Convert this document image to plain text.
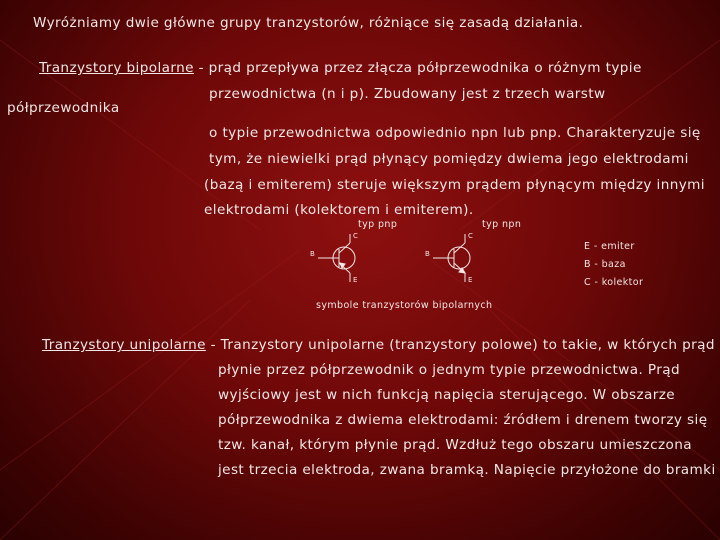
Wyróżniamy dwie główne grupy tranzystorów, różniące się zasadą działania.
Tranzystory bipolarne - prąd przepływa przez złącza półprzewodnika o różnym typie
przewodnictwa (n i p). Zbudowany jest z trzech warstw
półprzewodnika
o typie przewodnictwa odpowiednio npn lub pnp. Charakteryzuje się
tym, że niewielki prąd płynący pomiędzy dwiema jego elektrodami
(bazą i emiterem) steruje większym prądem płynącym między innymi
elektrodami (kolektorem i emiterem).
typ pnp	typ npn
C
B
E
C
B
E
E - emiter
B - baza
C - kolektor
symbole tranzystorów bipolarnych
Tranzystory unipolarne - Tranzystory unipolarne (tranzystory polowe) to takie, w których prąd
płynie przez półprzewodnik o jednym typie przewodnictwa. Prąd
wyjściowy jest w nich funkcją napięcia sterującego. W obszarze
półprzewodnika z dwiema elektrodami: źródłem i drenem tworzy się
tzw. kanał, którym płynie prąd. Wzdłuż tego obszaru umieszczona
jest trzecia elektroda, zwana bramką. Napięcie przyłożone do bramki
